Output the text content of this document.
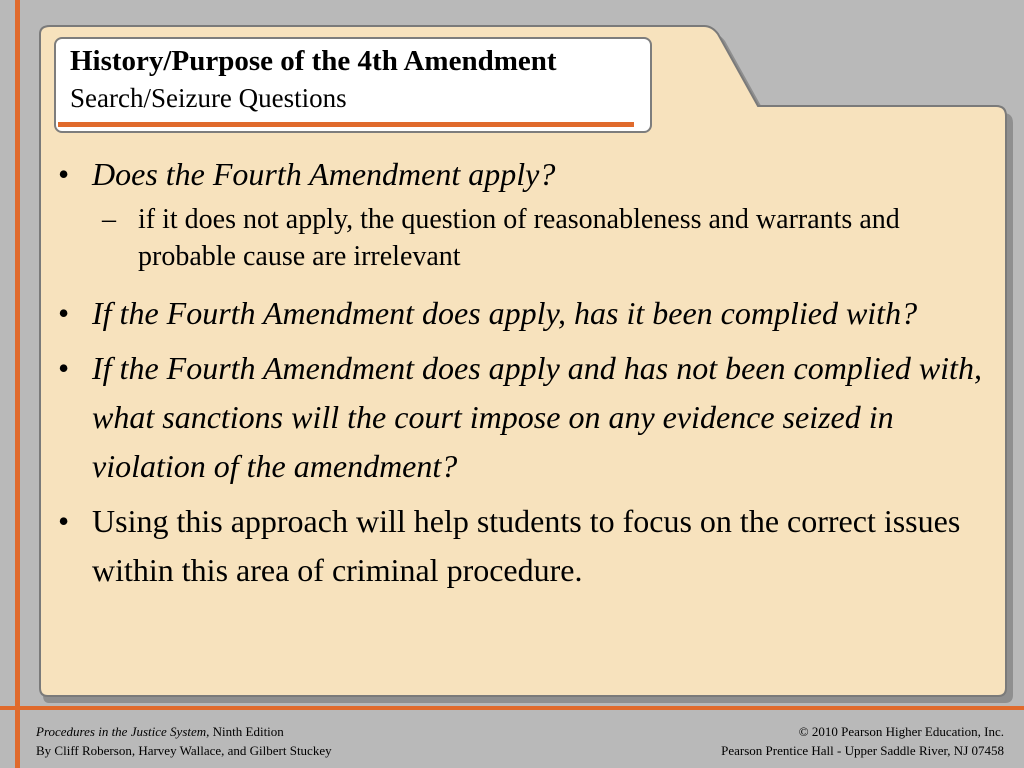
History/Purpose of the 4th Amendment
Search/Seizure Questions
• Does the Fourth Amendment apply?
– if it does not apply, the question of reasonableness and warrants and probable cause are irrelevant
• If the Fourth Amendment does apply, has it been complied with?
• If the Fourth Amendment does apply and has not been complied with, what sanctions will the court impose on any evidence seized in violation of the amendment?
• Using this approach will help students to focus on the correct issues within this area of criminal procedure.
Procedures in the Justice System, Ninth Edition
By Cliff Roberson, Harvey Wallace, and Gilbert Stuckey
© 2010 Pearson Higher Education, Inc.
Pearson Prentice Hall - Upper Saddle River, NJ 07458
